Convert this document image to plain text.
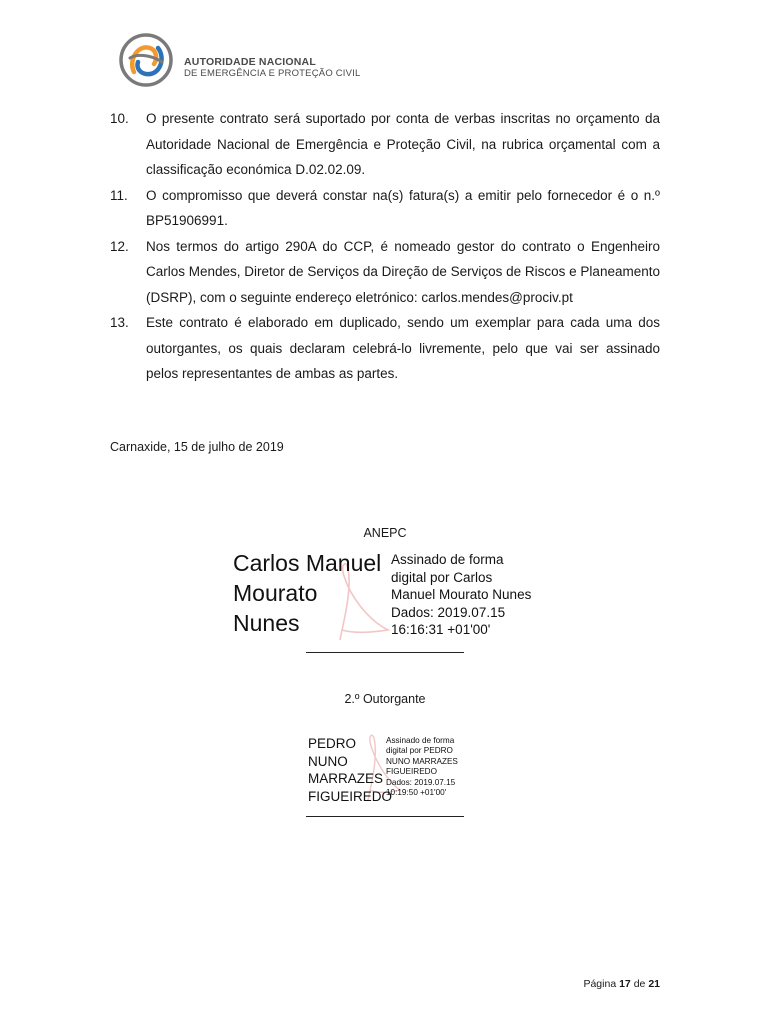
AUTORIDADE NACIONAL
DE EMERGÊNCIA E PROTEÇÃO CIVIL
10. O presente contrato será suportado por conta de verbas inscritas no orçamento da Autoridade Nacional de Emergência e Proteção Civil, na rubrica orçamental com a classificação económica D.02.02.09.
11. O compromisso que deverá constar na(s) fatura(s) a emitir pelo fornecedor é o n.º BP51906991.
12. Nos termos do artigo 290A do CCP, é nomeado gestor do contrato o Engenheiro Carlos Mendes, Diretor de Serviços da Direção de Serviços de Riscos e Planeamento (DSRP), com o seguinte endereço eletrónico: carlos.mendes@prociv.pt
13. Este contrato é elaborado em duplicado, sendo um exemplar para cada uma dos outorgantes, os quais declaram celebrá-lo livremente, pelo que vai ser assinado pelos representantes de ambas as partes.
Carnaxide, 15 de julho de 2019
ANEPC
Carlos Manuel
Mourato
Nunes
Assinado de forma
digital por Carlos
Manuel Mourato Nunes
Dados: 2019.07.15
16:16:31 +01'00'
2.º Outorgante
PEDRO
NUNO
MARRAZES
FIGUEIREDO
Assinado de forma
digital por PEDRO
NUNO MARRAZES
FIGUEIREDO
Dados: 2019.07.15
10:19:50 +01'00'
Página 17 de 21
